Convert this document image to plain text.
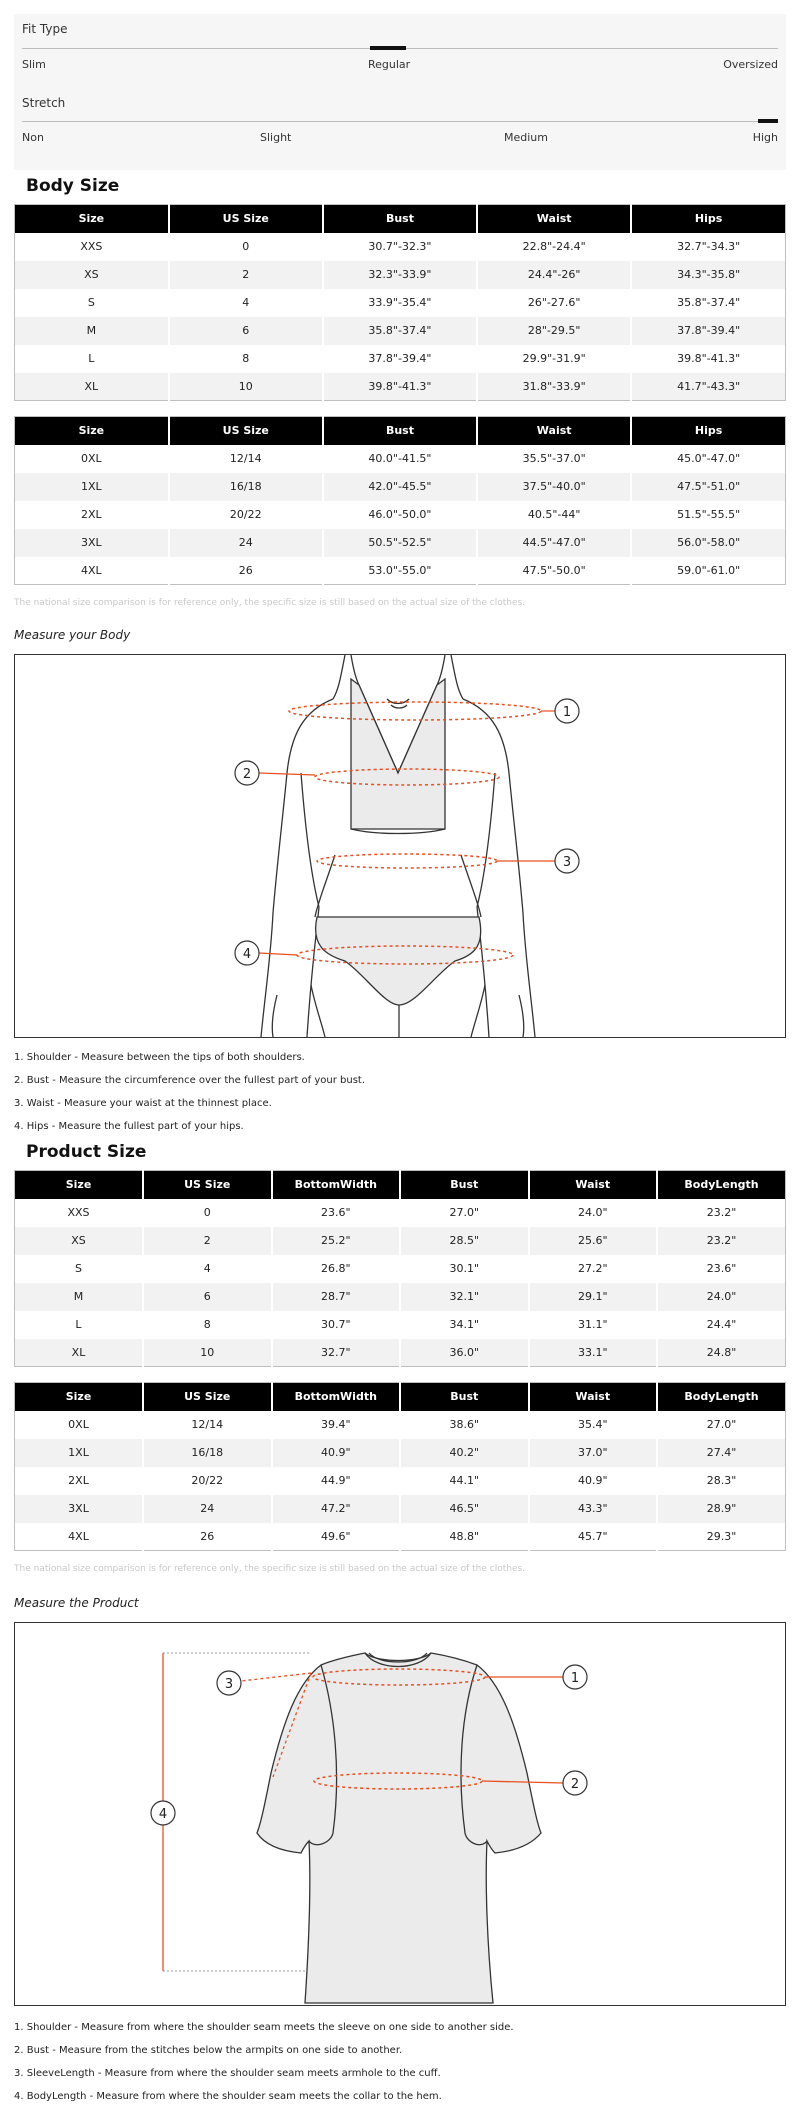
Fit Type
Slim	Regular	Oversized
Stretch
Non	Slight	Medium	High
Body Size
Size	US Size	Bust	Waist	Hips
XXS	0	30.7"-32.3"	22.8"-24.4"	32.7"-34.3"
XS	2	32.3"-33.9"	24.4"-26"	34.3"-35.8"
S	4	33.9"-35.4"	26"-27.6"	35.8"-37.4"
M	6	35.8"-37.4"	28"-29.5"	37.8"-39.4"
L	8	37.8"-39.4"	29.9"-31.9"	39.8"-41.3"
XL	10	39.8"-41.3"	31.8"-33.9"	41.7"-43.3"
Size	US Size	Bust	Waist	Hips
0XL	12/14	40.0"-41.5"	35.5"-37.0"	45.0"-47.0"
1XL	16/18	42.0"-45.5"	37.5"-40.0"	47.5"-51.0"
2XL	20/22	46.0"-50.0"	40.5"-44"	51.5"-55.5"
3XL	24	50.5"-52.5"	44.5"-47.0"	56.0"-58.0"
4XL	26	53.0"-55.0"	47.5"-50.0"	59.0"-61.0"
The national size comparison is for reference only, the specific size is still based on the actual size of the clothes.
Measure your Body
1
2
3
4
1. Shoulder - Measure between the tips of both shoulders.
2. Bust - Measure the circumference over the fullest part of your bust.
3. Waist - Measure your waist at the thinnest place.
4. Hips - Measure the fullest part of your hips.
Product Size
Size	US Size	BottomWidth	Bust	Waist	BodyLength
XXS	0	23.6"	27.0"	24.0"	23.2"
XS	2	25.2"	28.5"	25.6"	23.2"
S	4	26.8"	30.1"	27.2"	23.6"
M	6	28.7"	32.1"	29.1"	24.0"
L	8	30.7"	34.1"	31.1"	24.4"
XL	10	32.7"	36.0"	33.1"	24.8"
Size	US Size	BottomWidth	Bust	Waist	BodyLength
0XL	12/14	39.4"	38.6"	35.4"	27.0"
1XL	16/18	40.9"	40.2"	37.0"	27.4"
2XL	20/22	44.9"	44.1"	40.9"	28.3"
3XL	24	47.2"	46.5"	43.3"	28.9"
4XL	26	49.6"	48.8"	45.7"	29.3"
The national size comparison is for reference only, the specific size is still based on the actual size of the clothes.
Measure the Product
1
2
3
4
1. Shoulder - Measure from where the shoulder seam meets the sleeve on one side to another side.
2. Bust - Measure from the stitches below the armpits on one side to another.
3. SleeveLength - Measure from where the shoulder seam meets armhole to the cuff.
4. BodyLength - Measure from where the shoulder seam meets the collar to the hem.
